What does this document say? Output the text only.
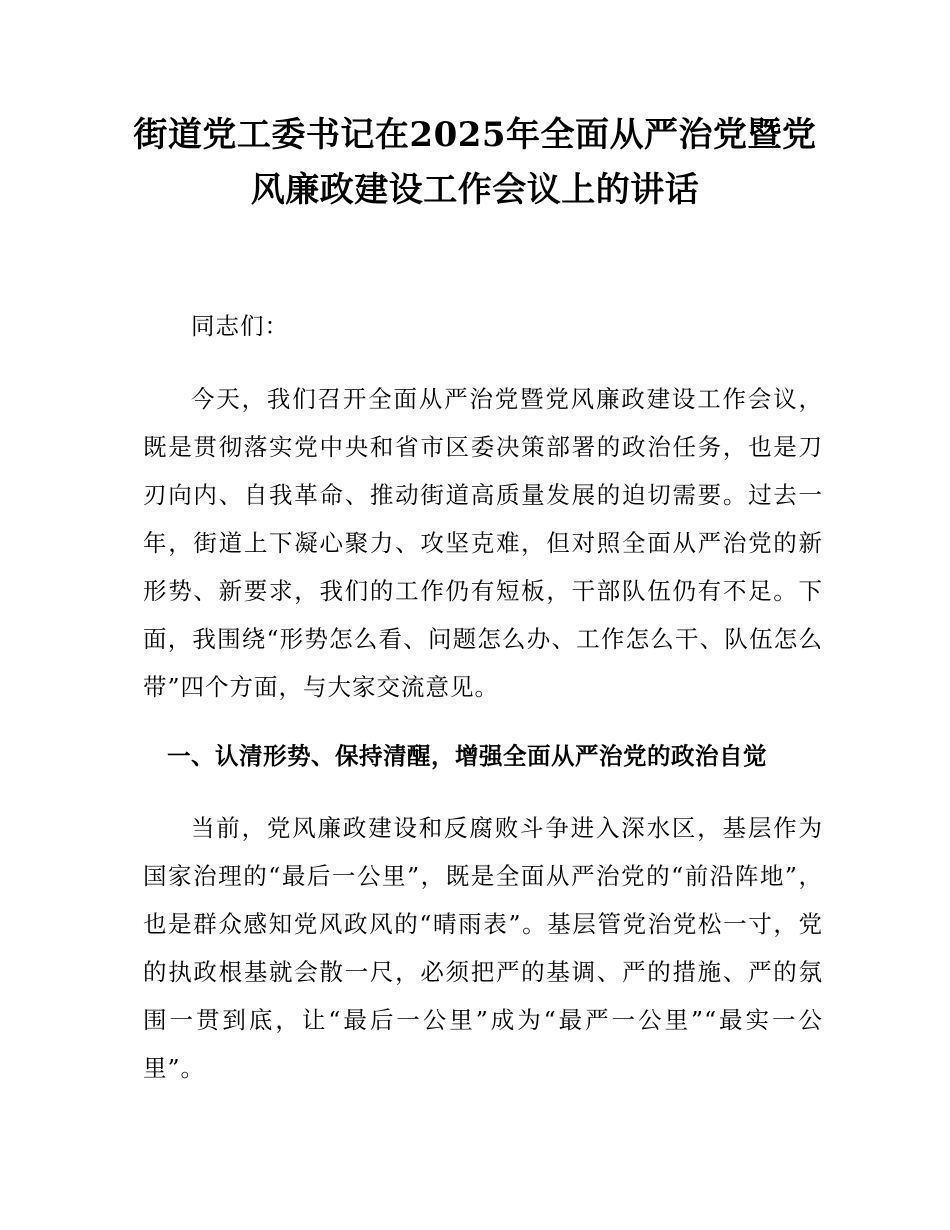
街道党工委书记在2025年全面从严治党暨党
风廉政建设工作会议上的讲话

同志们：

今天，我们召开全面从严治党暨党风廉政建设工作会议，既是贯彻落实党中央和省市区委决策部署的政治任务，也是刀刃向内、自我革命、推动街道高质量发展的迫切需要。过去一年，街道上下凝心聚力、攻坚克难，但对照全面从严治党的新形势、新要求，我们的工作仍有短板，干部队伍仍有不足。下面，我围绕“形势怎么看、问题怎么办、工作怎么干、队伍怎么带”四个方面，与大家交流意见。

一、认清形势、保持清醒，增强全面从严治党的政治自觉

当前，党风廉政建设和反腐败斗争进入深水区，基层作为国家治理的“最后一公里”，既是全面从严治党的“前沿阵地”，也是群众感知党风政风的“晴雨表”。基层管党治党松一寸，党的执政根基就会散一尺，必须把严的基调、严的措施、严的氛围一贯到底，让“最后一公里”成为“最严一公里”“最实一公里”。
